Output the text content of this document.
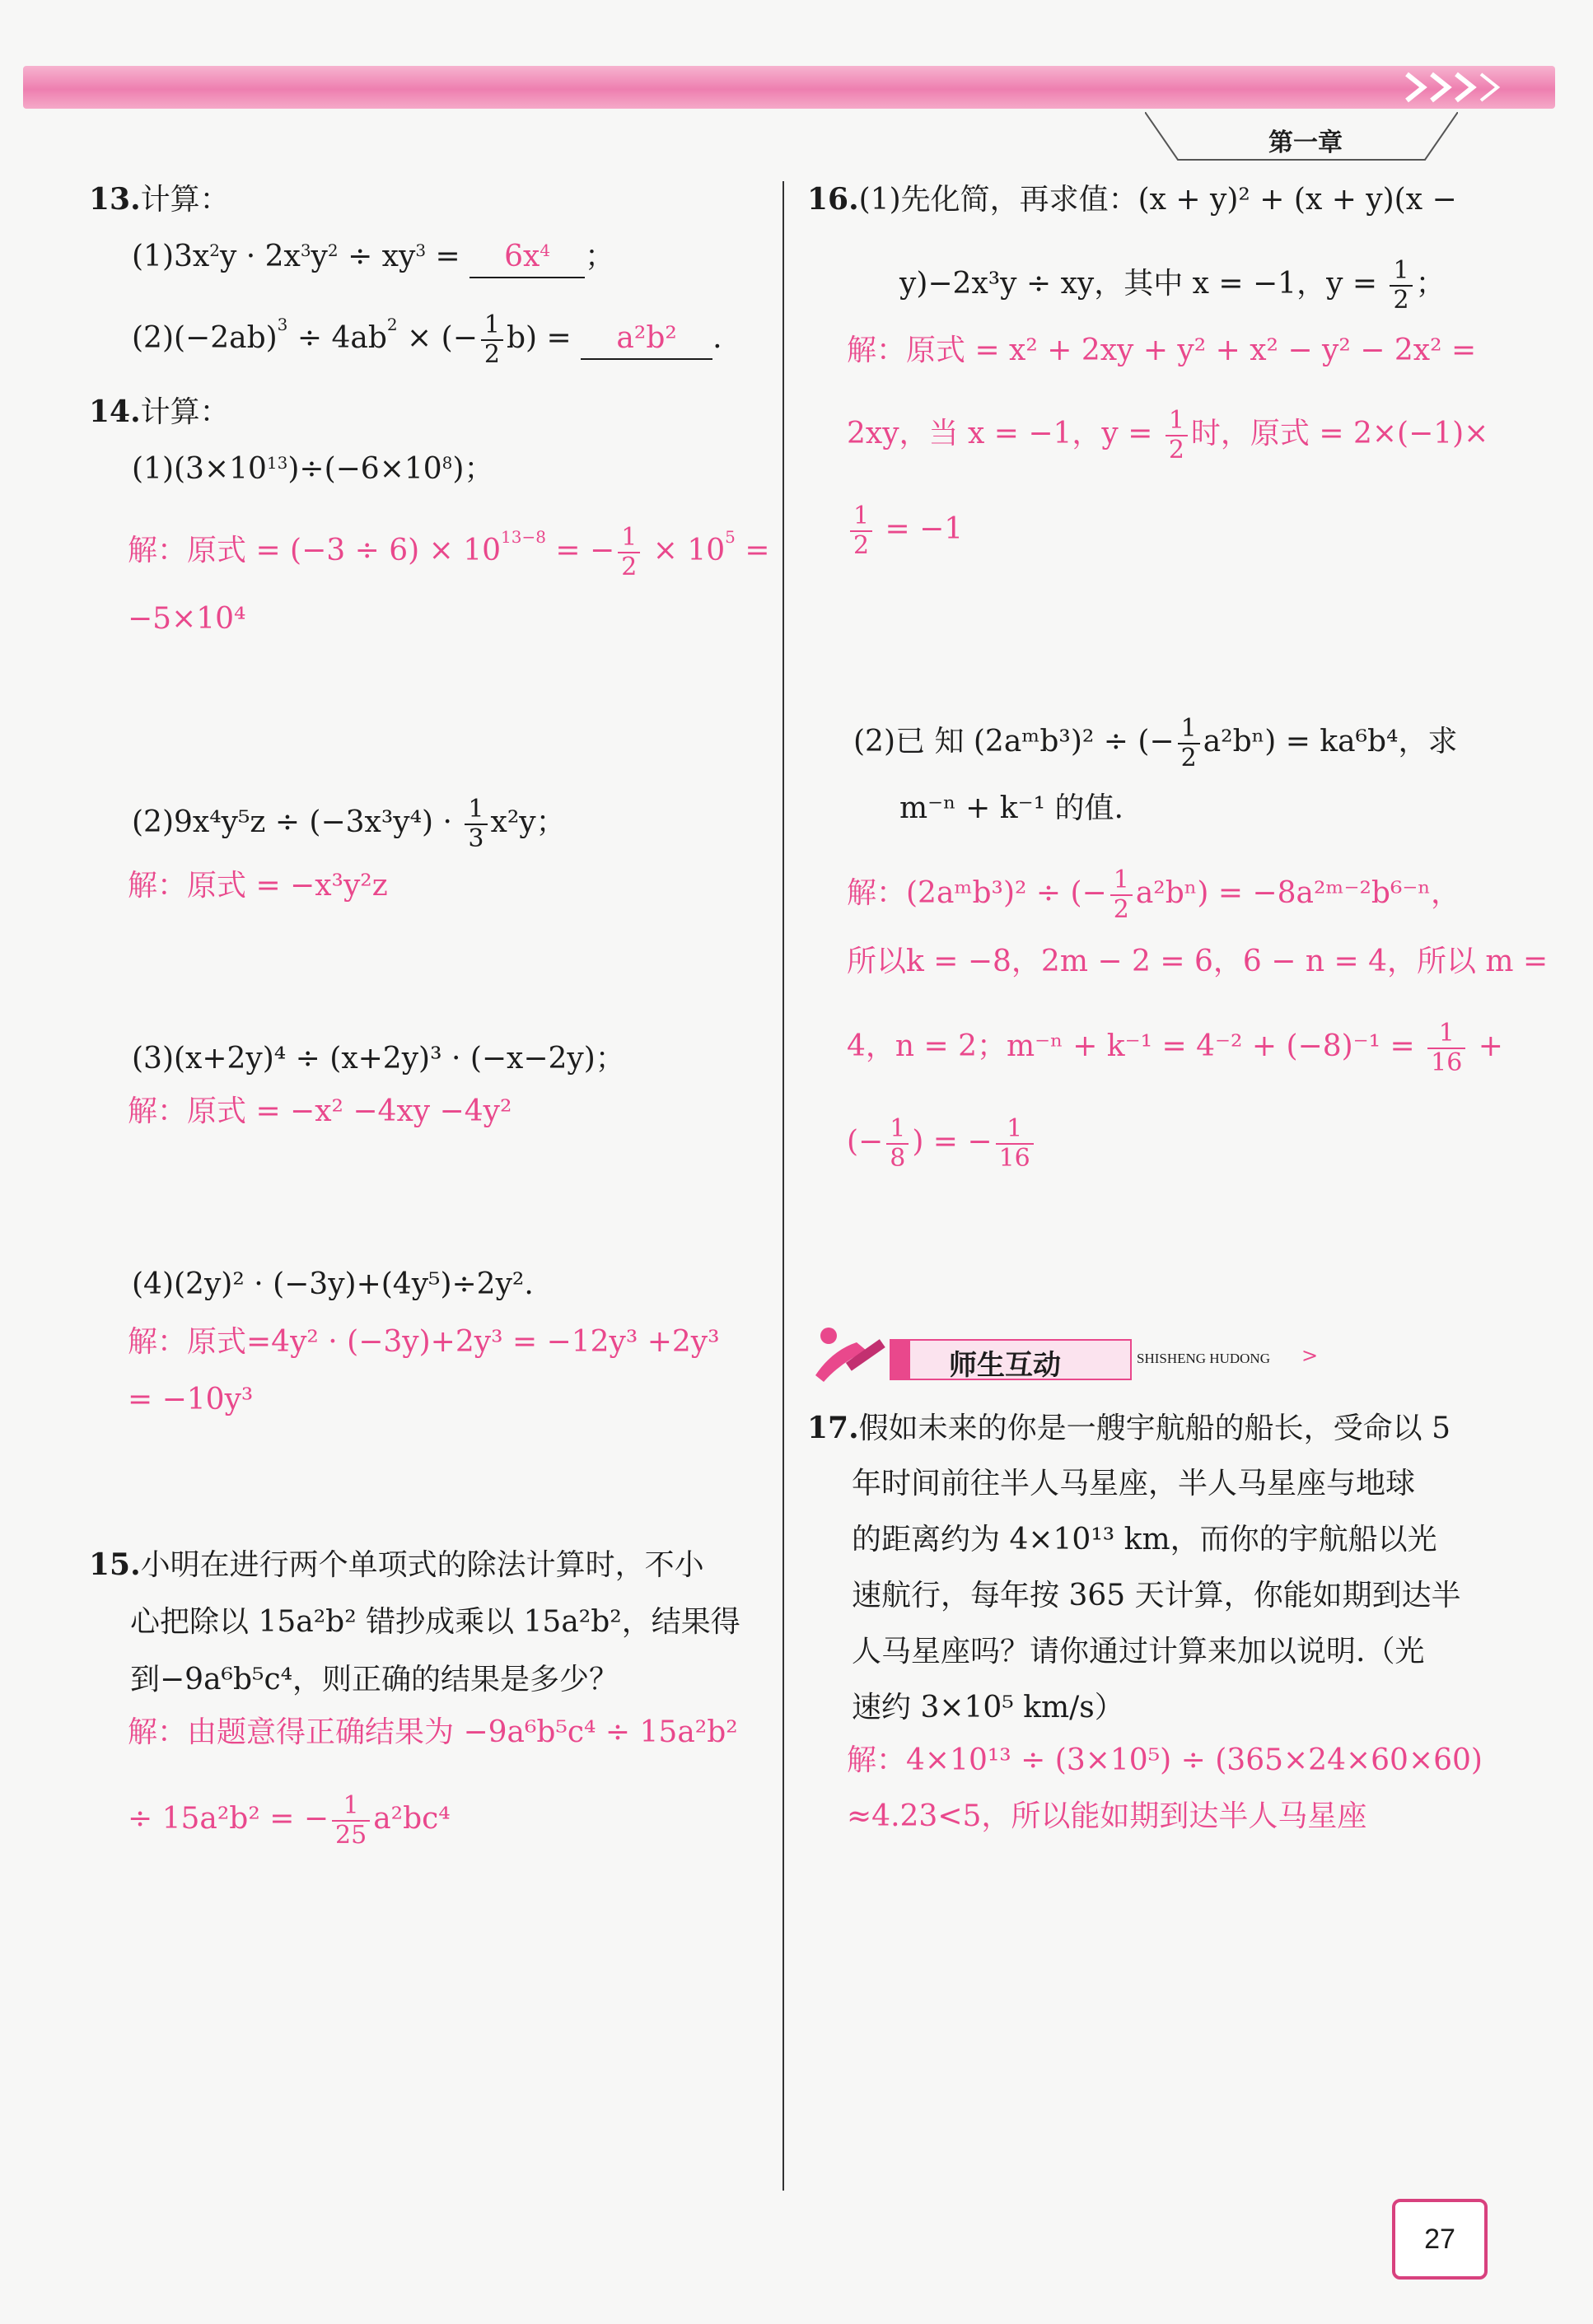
第一章
13.计算：
$(1)3x^2y \cdot 2x^3y^2 \div xy^3 = 6x^4$ ；
$(2)(-2ab)^3 \div 4ab^2$ × (− $\frac{1}{2} b) = a^2b^2$ .
14.计算：
$(1)(3\times 10^{13})\div(-6\times 10^8)$；
解：原式 = $(-3 \div 6) \times 10^{13-8}$ = − $\frac{1}{2} \times 10^5$ =
−5×10⁴
$(2)9x^4y^5z \div (-3x^3y^4) \cdot \frac{1}{3} x^2y$；
解：原式 = −x³y²z
(3)(x+2y)⁴ ÷ (x+2y)³ · (−x−2y)；
解：原式 = −x² −4xy −4y²
(4)(2y)² · (−3y)+(4y⁵)÷2y².
解：原式=4y² · (−3y)+2y³ = −12y³ +2y³
= −10y³
15.小明在进行两个单项式的除法计算时，不小
心把除以 15a²b² 错抄成乘以 15a²b²，结果得
到−9a⁶b⁵c⁴，则正确的结果是多少？
解：由题意得正确结果为 −9a⁶b⁵c⁴ ÷ 15a²b²
÷ 15a²b² = − $\frac{1}{25} a^2bc^4$
16.(1)先化简，再求值：(x + y)² + (x + y)(x −
y)−2x³y ÷ xy，其中 x = −1，$y = \frac{1}{2}$ ；
解：原式 = x² + 2xy + y² + x² − y² − 2x² =
2xy，当 x = −1，$y = \frac{1}{2}$ 时，原式 = 2×(−1)×
$\frac{1}{2} = -1$
(2)已 知 (2aᵐb³)² ÷ (− $\frac{1}{2} a^2b^n) = ka^6b^4$，求
m⁻ⁿ + k⁻¹ 的值.
解：(2aᵐb³)² ÷ (− $\frac{1}{2} a^2b^n$) = −8a²ᵐ⁻²b⁶⁻ⁿ，
所以k = −8，2m − 2 = 6，6 − n = 4，所以 m =
4，n = 2；$m^{-n} + k^{-1} = 4^{-2} + (-8)^{-1} = \frac{1}{16}$ +
(− $\frac{1}{8}$ ) = − $\frac{1}{16}$
师生互动	SHISHENG HUDONG >
17.假如未来的你是一艘宇航船的船长，受命以 5
年时间前往半人马星座，半人马星座与地球
的距离约为 4×10¹³ km，而你的宇航船以光
速航行，每年按 365 天计算，你能如期到达半
人马星座吗？请你通过计算来加以说明.（光
速约 3×10⁵ km/s）
解：4×10¹³ ÷ (3×10⁵) ÷ (365×24×60×60)
≈4.23<5，所以能如期到达半人马星座
27
